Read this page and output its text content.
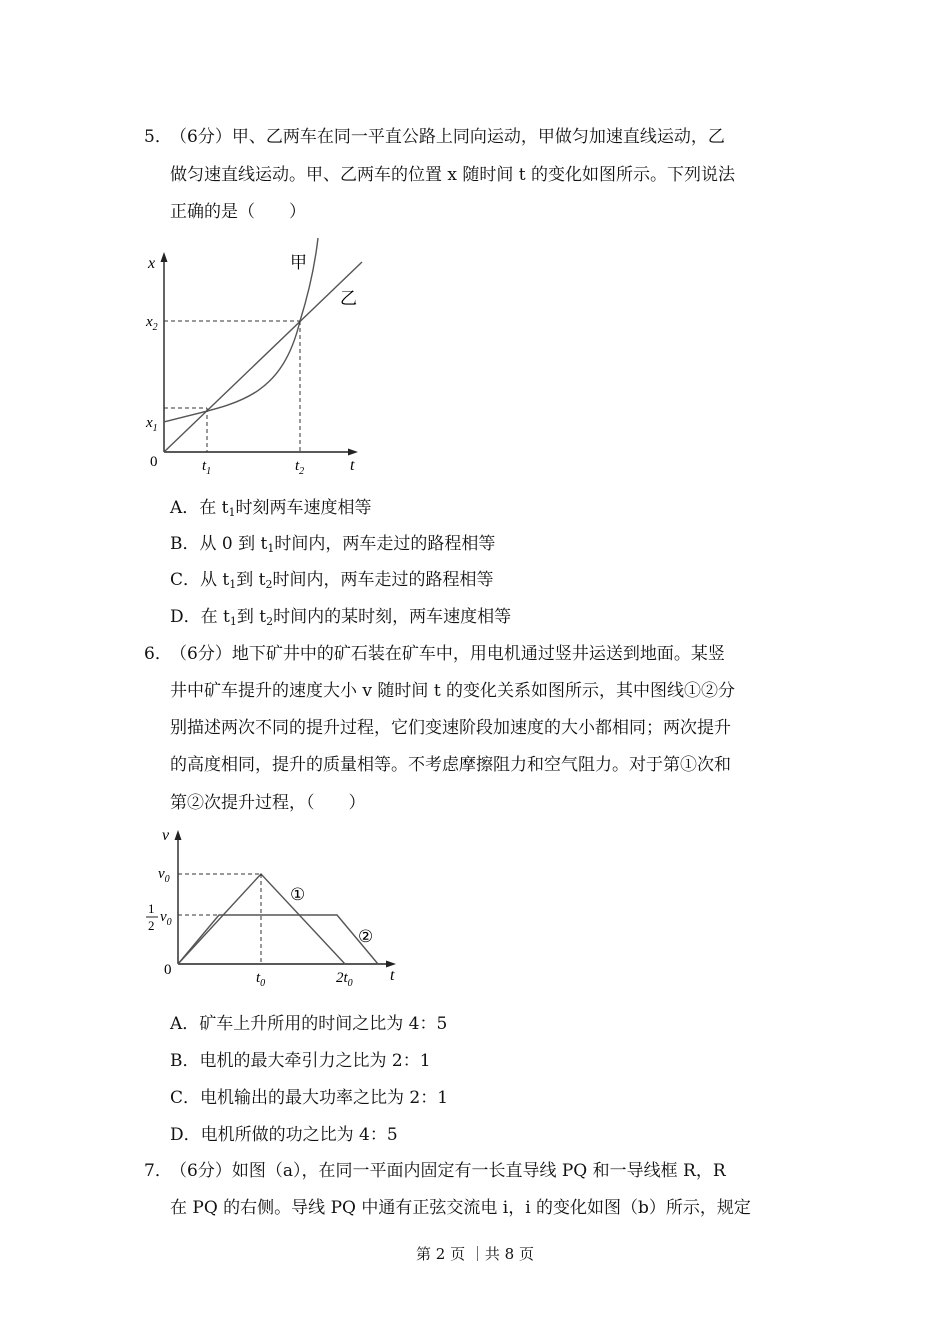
5．（6分）甲、乙两车在同一平直公路上同向运动，甲做匀加速直线运动，乙
做匀速直线运动。甲、乙两车的位置 x 随时间 t 的变化如图所示。下列说法
正确的是（　　）
x
t
0
$x_2$
$x_1$
$t_1$	$t_2$
甲
乙
A．在 $t_1$时刻两车速度相等
B．从 0 到 $t_1$时间内，两车走过的路程相等
C．从 $t_1$到 $t_2$时间内，两车走过的路程相等
D．在 $t_1$到 $t_2$时间内的某时刻，两车速度相等
6．（6分）地下矿井中的矿石装在矿车中，用电机通过竖井运送到地面。某竖
井中矿车提升的速度大小 v 随时间 t 的变化关系如图所示，其中图线①②分
别描述两次不同的提升过程，它们变速阶段加速度的大小都相同；两次提升
的高度相同，提升的质量相等。不考虑摩擦阻力和空气阻力。对于第①次和
第②次提升过程，（　　）
v
t
0
$v_0$
1
2
$v_0$
$t_0$	$2t_0$
①
②
A．矿车上升所用的时间之比为 4：5
B．电机的最大牵引力之比为 2：1
C．电机输出的最大功率之比为 2：1
D．电机所做的功之比为 4：5
7．（6分）如图（a），在同一平面内固定有一长直导线 PQ 和一导线框 R，R
在 PQ 的右侧。导线 PQ 中通有正弦交流电 i，i 的变化如图（b）所示，规定
第 2 页 ｜共 8 页
